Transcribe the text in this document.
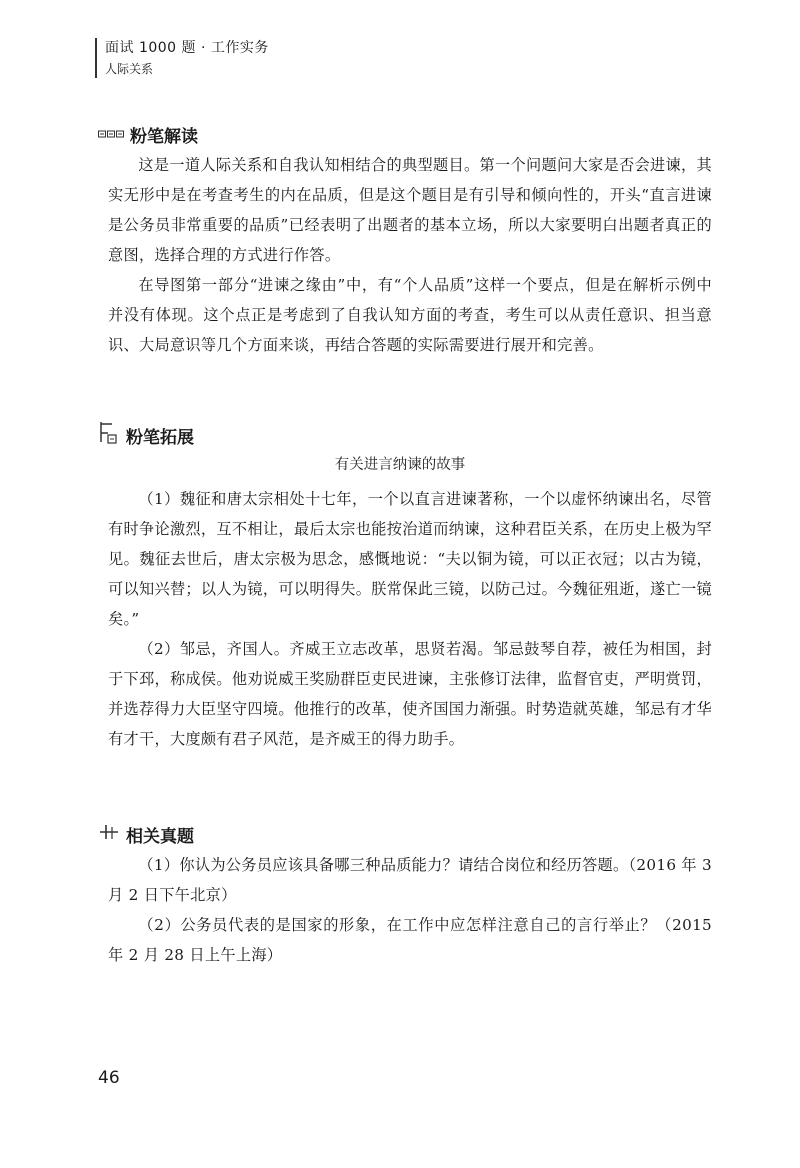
面试 1000 题 · 工作实务
人际关系
粉笔解读

这是一道人际关系和自我认知相结合的典型题目。第一个问题问大家是否会进谏，其实无形中是在考查考生的内在品质，但是这个题目是有引导和倾向性的，开头“直言进谏是公务员非常重要的品质”已经表明了出题者的基本立场，所以大家要明白出题者真正的意图，选择合理的方式进行作答。

在导图第一部分“进谏之缘由”中，有“个人品质”这样一个要点，但是在解析示例中并没有体现。这个点正是考虑到了自我认知方面的考查，考生可以从责任意识、担当意识、大局意识等几个方面来谈，再结合答题的实际需要进行展开和完善。

粉笔拓展
有关进言纳谏的故事

（1）魏征和唐太宗相处十七年，一个以直言进谏著称，一个以虚怀纳谏出名，尽管有时争论激烈，互不相让，最后太宗也能按治道而纳谏，这种君臣关系，在历史上极为罕见。魏征去世后，唐太宗极为思念，感慨地说：“夫以铜为镜，可以正衣冠；以古为镜，可以知兴替；以人为镜，可以明得失。朕常保此三镜，以防己过。今魏征殂逝，遂亡一镜矣。”

（2）邹忌，齐国人。齐威王立志改革，思贤若渴。邹忌鼓琴自荐，被任为相国，封于下邳，称成侯。他劝说威王奖励群臣吏民进谏，主张修订法律，监督官吏，严明赏罚，并选荐得力大臣坚守四境。他推行的改革，使齐国国力渐强。时势造就英雄，邹忌有才华有才干，大度颇有君子风范，是齐威王的得力助手。

相关真题

（1）你认为公务员应该具备哪三种品质能力？请结合岗位和经历答题。（2016 年 3 月 2 日下午北京）

（2）公务员代表的是国家的形象，在工作中应怎样注意自己的言行举止？（2015 年 2 月 28 日上午上海）

46
